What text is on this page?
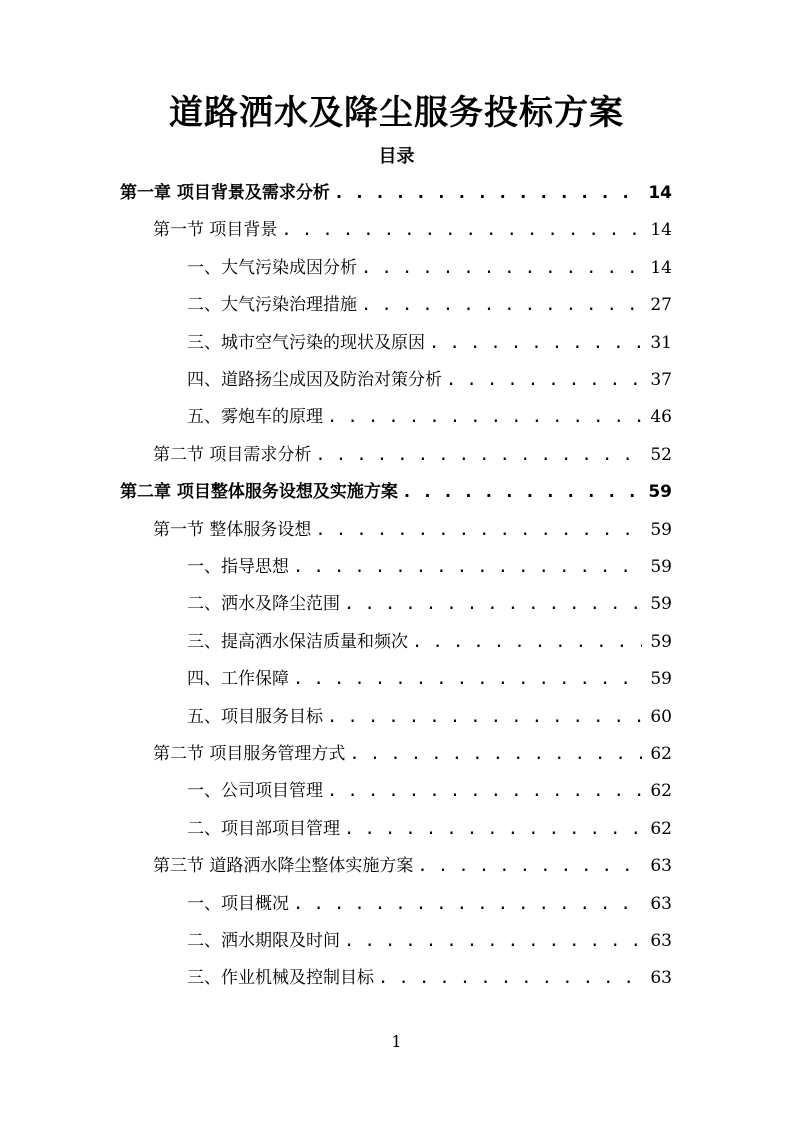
道路洒水及降尘服务投标方案
目录
第一章 项目背景及需求分析 . . .	14
第一节 项目背景 . . .	14
一、大气污染成因分析 . . .	14
二、大气污染治理措施 . . .	27
三、城市空气污染的现状及原因 . . .	31
四、道路扬尘成因及防治对策分析 . . .	37
五、雾炮车的原理 . . .	46
第二节 项目需求分析 . . .	52
第二章 项目整体服务设想及实施方案 . . .	59
第一节 整体服务设想 . . .	59
一、指导思想 . . .	59
二、洒水及降尘范围 . . .	59
三、提高洒水保洁质量和频次 . . .	59
四、工作保障 . . .	59
五、项目服务目标 . . .	60
第二节 项目服务管理方式 . . .	62
一、公司项目管理 . . .	62
二、项目部项目管理 . . .	62
第三节 道路洒水降尘整体实施方案 . . .	63
一、项目概况 . . .	63
二、洒水期限及时间 . . .	63
三、作业机械及控制目标 . . .	63
1
